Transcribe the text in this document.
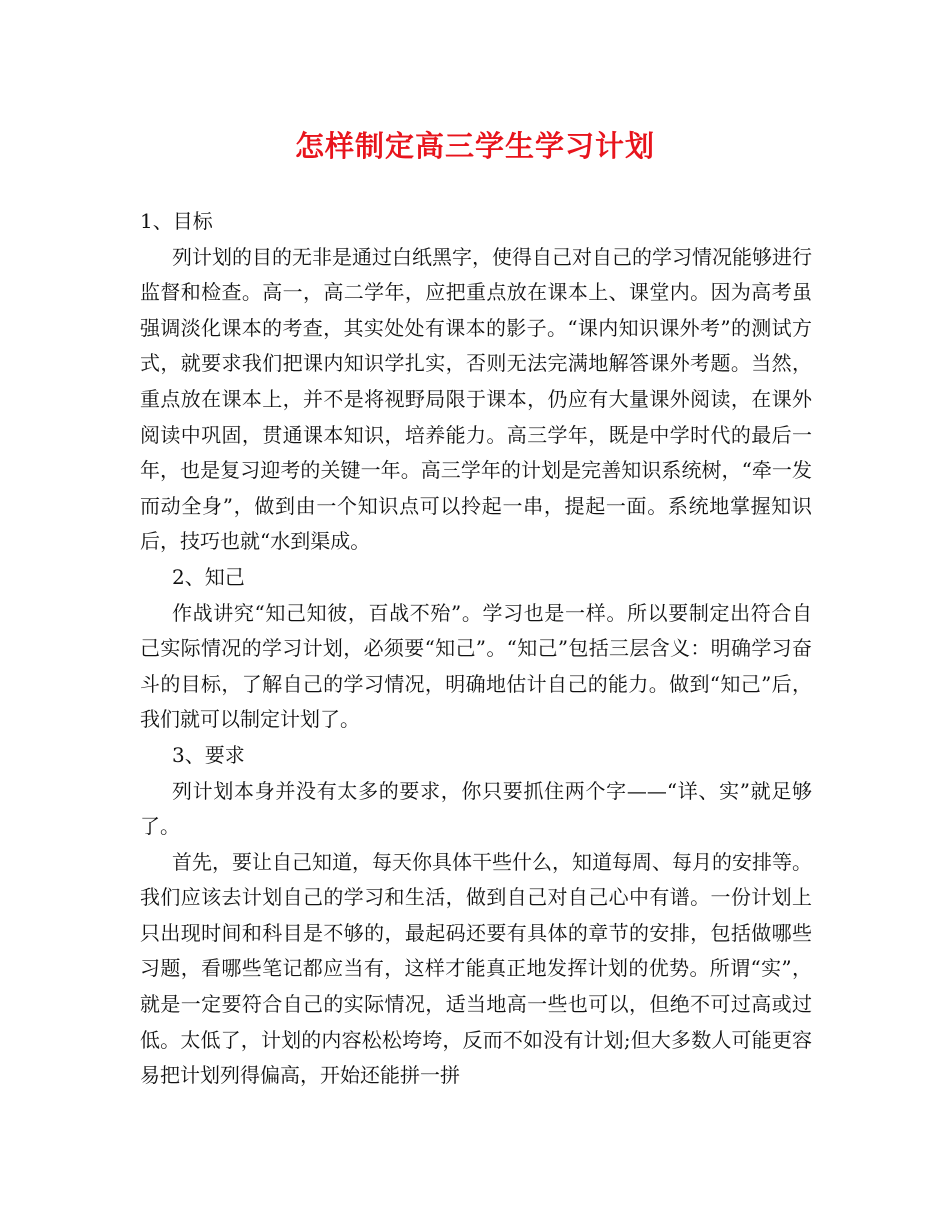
怎样制定高三学生学习计划

1、目标

列计划的目的无非是通过白纸黑字，使得自己对自己的学习情况能够进行监督和检查。高一，高二学年，应把重点放在课本上、课堂内。因为高考虽强调淡化课本的考查，其实处处有课本的影子。“课内知识课外考”的测试方式，就要求我们把课内知识学扎实，否则无法完满地解答课外考题。当然，重点放在课本上，并不是将视野局限于课本，仍应有大量课外阅读，在课外阅读中巩固，贯通课本知识，培养能力。高三学年，既是中学时代的最后一年，也是复习迎考的关键一年。高三学年的计划是完善知识系统树，“牵一发而动全身”，做到由一个知识点可以拎起一串，提起一面。系统地掌握知识后，技巧也就“水到渠成。

2、知己

作战讲究“知己知彼，百战不殆”。学习也是一样。所以要制定出符合自己实际情况的学习计划，必须要“知己”。“知己”包括三层含义：明确学习奋斗的目标，了解自己的学习情况，明确地估计自己的能力。做到“知己”后，我们就可以制定计划了。

3、要求

列计划本身并没有太多的要求，你只要抓住两个字——“详、实”就足够了。

首先，要让自己知道，每天你具体干些什么，知道每周、每月的安排等。我们应该去计划自己的学习和生活，做到自己对自己心中有谱。一份计划上只出现时间和科目是不够的，最起码还要有具体的章节的安排，包括做哪些习题，看哪些笔记都应当有，这样才能真正地发挥计划的优势。所谓“实”，就是一定要符合自己的实际情况，适当地高一些也可以，但绝不可过高或过低。太低了，计划的内容松松垮垮，反而不如没有计划;但大多数人可能更容易把计划列得偏高，开始还能拼一拼
